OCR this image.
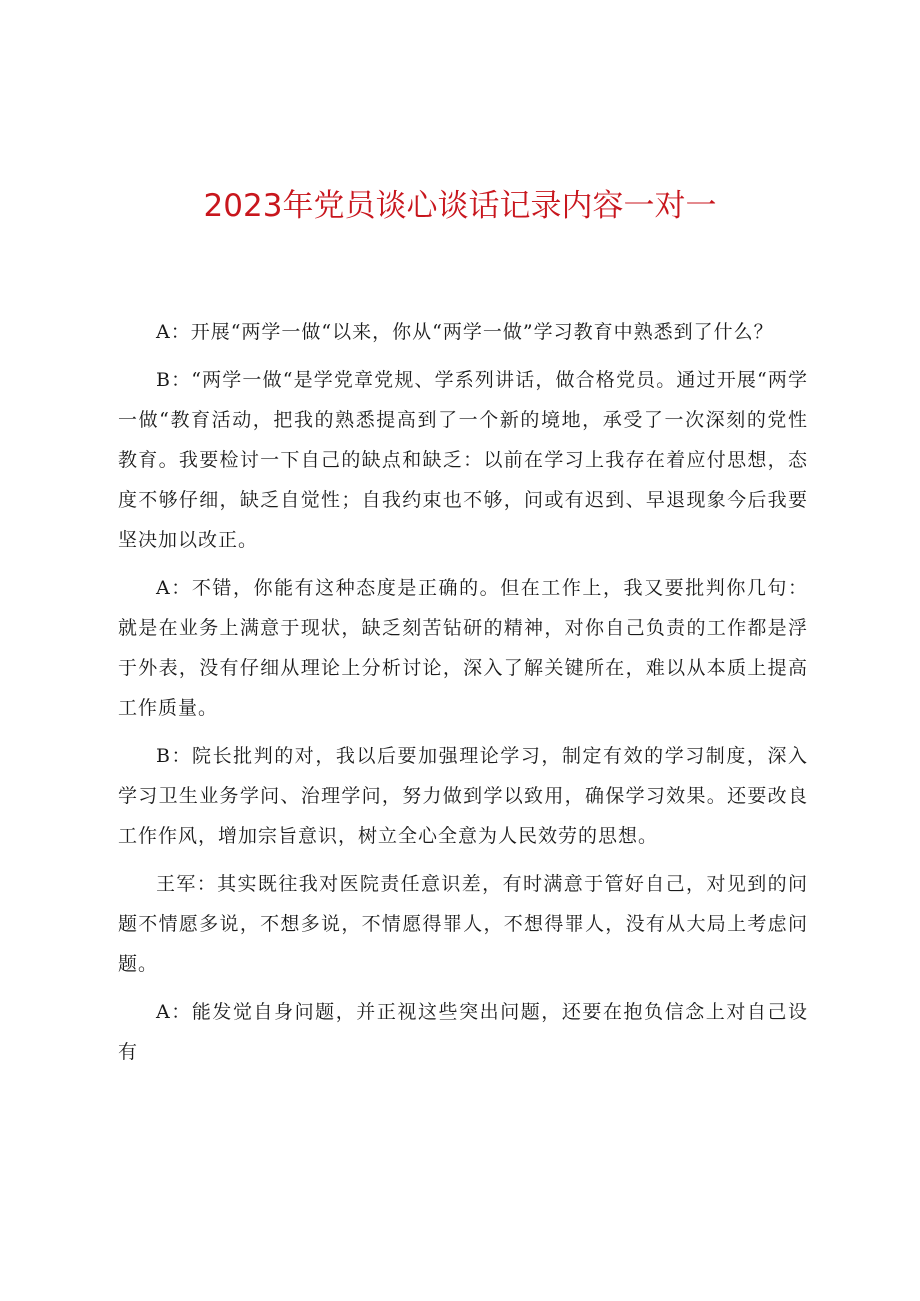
2023年党员谈心谈话记录内容一对一

A：开展“两学一做“以来，你从“两学一做”学习教育中熟悉到了什么？

B：“两学一做“是学党章党规、学系列讲话，做合格党员。通过开展“两学一做“教育活动，把我的熟悉提高到了一个新的境地，承受了一次深刻的党性教育。我要检讨一下自己的缺点和缺乏：以前在学习上我存在着应付思想，态度不够仔细，缺乏自觉性；自我约束也不够，问或有迟到、早退现象今后我要坚决加以改正。

A：不错，你能有这种态度是正确的。但在工作上，我又要批判你几句：就是在业务上满意于现状，缺乏刻苦钻研的精神，对你自己负责的工作都是浮于外表，没有仔细从理论上分析讨论，深入了解关键所在，难以从本质上提高工作质量。

B：院长批判的对，我以后要加强理论学习，制定有效的学习制度，深入学习卫生业务学问、治理学问，努力做到学以致用，确保学习效果。还要改良工作作风，增加宗旨意识，树立全心全意为人民效劳的思想。

王军：其实既往我对医院责任意识差，有时满意于管好自己，对见到的问题不情愿多说，不想多说，不情愿得罪人，不想得罪人，没有从大局上考虑问题。

A：能发觉自身问题，并正视这些突出问题，还要在抱负信念上对自己设有
